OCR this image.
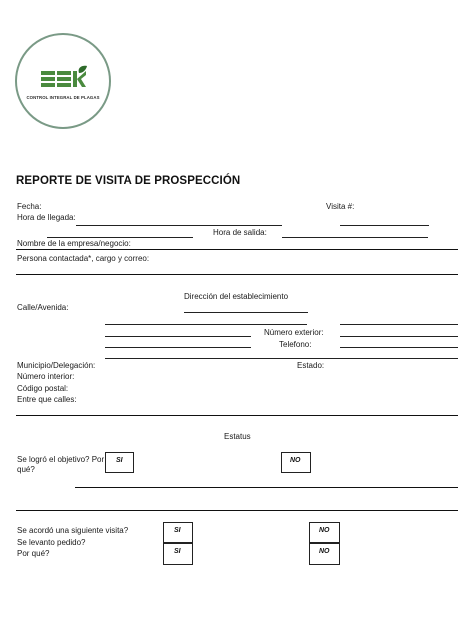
CONTROL INTEGRAL DE PLAGAS
REPORTE DE VISITA DE PROSPECCIÓN
Fecha:	Visita #:
Hora de llegada:
Hora de salida:
Nombre de la empresa/negocio:
Persona contactada*, cargo y correo:
Dirección del establecimiento
Calle/Avenida:
Número exterior:
Telefono:
Municipio/Delegación:	Estado:
Número interior:
Código postal:
Entre que calles:
Estatus
Se logró el objetivo? Por qué?
SI	NO
Se acordó una siguiente visita?
Se levanto pedido?
Por qué?
SI	NO
SI	NO
